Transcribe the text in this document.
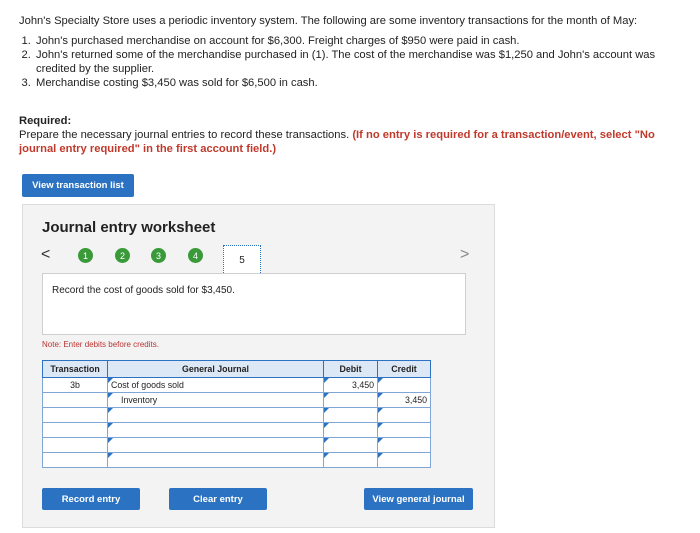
John's Specialty Store uses a periodic inventory system. The following are some inventory transactions for the month of May:

1. John's purchased merchandise on account for $6,300. Freight charges of $950 were paid in cash.
2. John's returned some of the merchandise purchased in (1). The cost of the merchandise was $1,250 and John's account was credited by the supplier.
3. Merchandise costing $3,450 was sold for $6,500 in cash.
Required:
Prepare the necessary journal entries to record these transactions. (If no entry is required for a transaction/event, select "No journal entry required" in the first account field.)
View transaction list
Journal entry worksheet
<	1	2	3	4	5	>
Record the cost of goods sold for $3,450.
Note: Enter debits before credits.
Transaction	General Journal	Debit	Credit
3b	Cost of goods sold	3,450	
	Inventory		3,450

Record entry	Clear entry	View general journal
